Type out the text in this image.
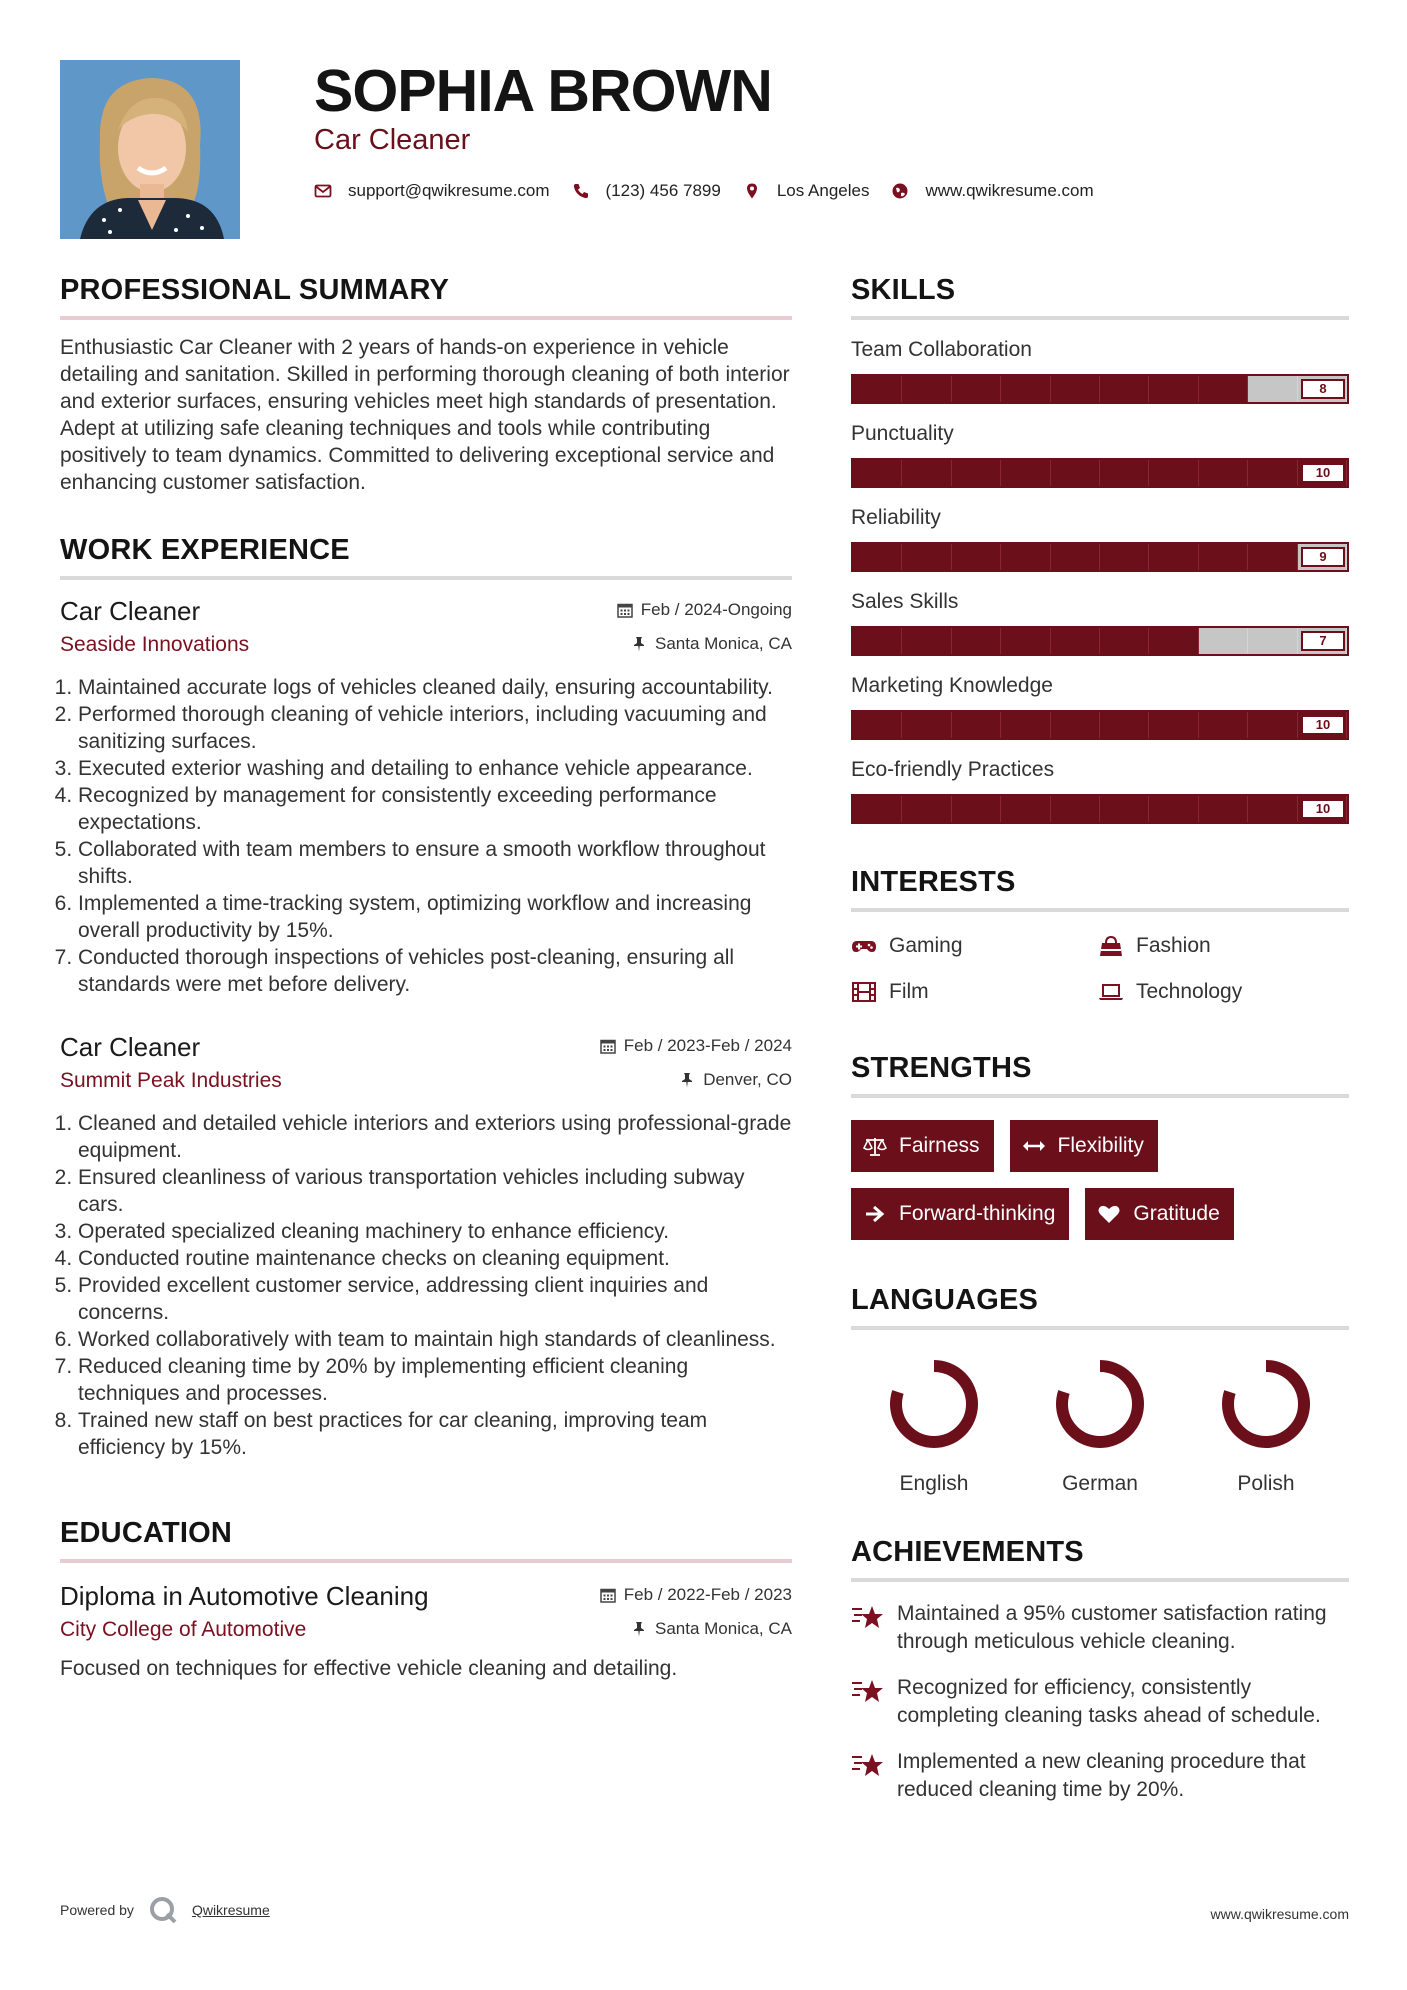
SOPHIA BROWN
Car Cleaner
support@qwikresume.com	(123) 456 7899	Los Angeles	www.qwikresume.com
PROFESSIONAL SUMMARY

Enthusiastic Car Cleaner with 2 years of hands-on experience in vehicle detailing and sanitation. Skilled in performing thorough cleaning of both interior and exterior surfaces, ensuring vehicles meet high standards of presentation. Adept at utilizing safe cleaning techniques and tools while contributing positively to team dynamics. Committed to delivering exceptional service and enhancing customer satisfaction.

WORK EXPERIENCE
Feb / 2024-Ongoing
Santa Monica, CA
Car Cleaner
Seaside Innovations
1. Maintained accurate logs of vehicles cleaned daily, ensuring accountability.
2. Performed thorough cleaning of vehicle interiors, including vacuuming and sanitizing surfaces.
3. Executed exterior washing and detailing to enhance vehicle appearance.
4. Recognized by management for consistently exceeding performance expectations.
5. Collaborated with team members to ensure a smooth workflow throughout shifts.
6. Implemented a time-tracking system, optimizing workflow and increasing overall productivity by 15%.
7. Conducted thorough inspections of vehicles post-cleaning, ensuring all standards were met before delivery.
Feb / 2023-Feb / 2024
Denver, CO
Car Cleaner
Summit Peak Industries
1. Cleaned and detailed vehicle interiors and exteriors using professional-grade equipment.
2. Ensured cleanliness of various transportation vehicles including subway cars.
3. Operated specialized cleaning machinery to enhance efficiency.
4. Conducted routine maintenance checks on cleaning equipment.
5. Provided excellent customer service, addressing client inquiries and concerns.
6. Worked collaboratively with team to maintain high standards of cleanliness.
7. Reduced cleaning time by 20% by implementing efficient cleaning techniques and processes.
8. Trained new staff on best practices for car cleaning, improving team efficiency by 15%.
EDUCATION
Feb / 2022-Feb / 2023
Santa Monica, CA
Diploma in Automotive Cleaning
City College of Automotive
Focused on techniques for effective vehicle cleaning and detailing.
SKILLS
Team Collaboration
8
Punctuality
10
Reliability
9
Sales Skills
7
Marketing Knowledge
10
Eco-friendly Practices
10
INTERESTS
Gaming	Fashion
Film	Technology
STRENGTHS
Fairness	Flexibility
Forward-thinking	Gratitude
LANGUAGES
English	German	Polish
ACHIEVEMENTS
Maintained a 95% customer satisfaction rating through meticulous vehicle cleaning.
Recognized for efficiency, consistently completing cleaning tasks ahead of schedule.
Implemented a new cleaning procedure that reduced cleaning time by 20%.
Powered by	Qwikresume	www.qwikresume.com
